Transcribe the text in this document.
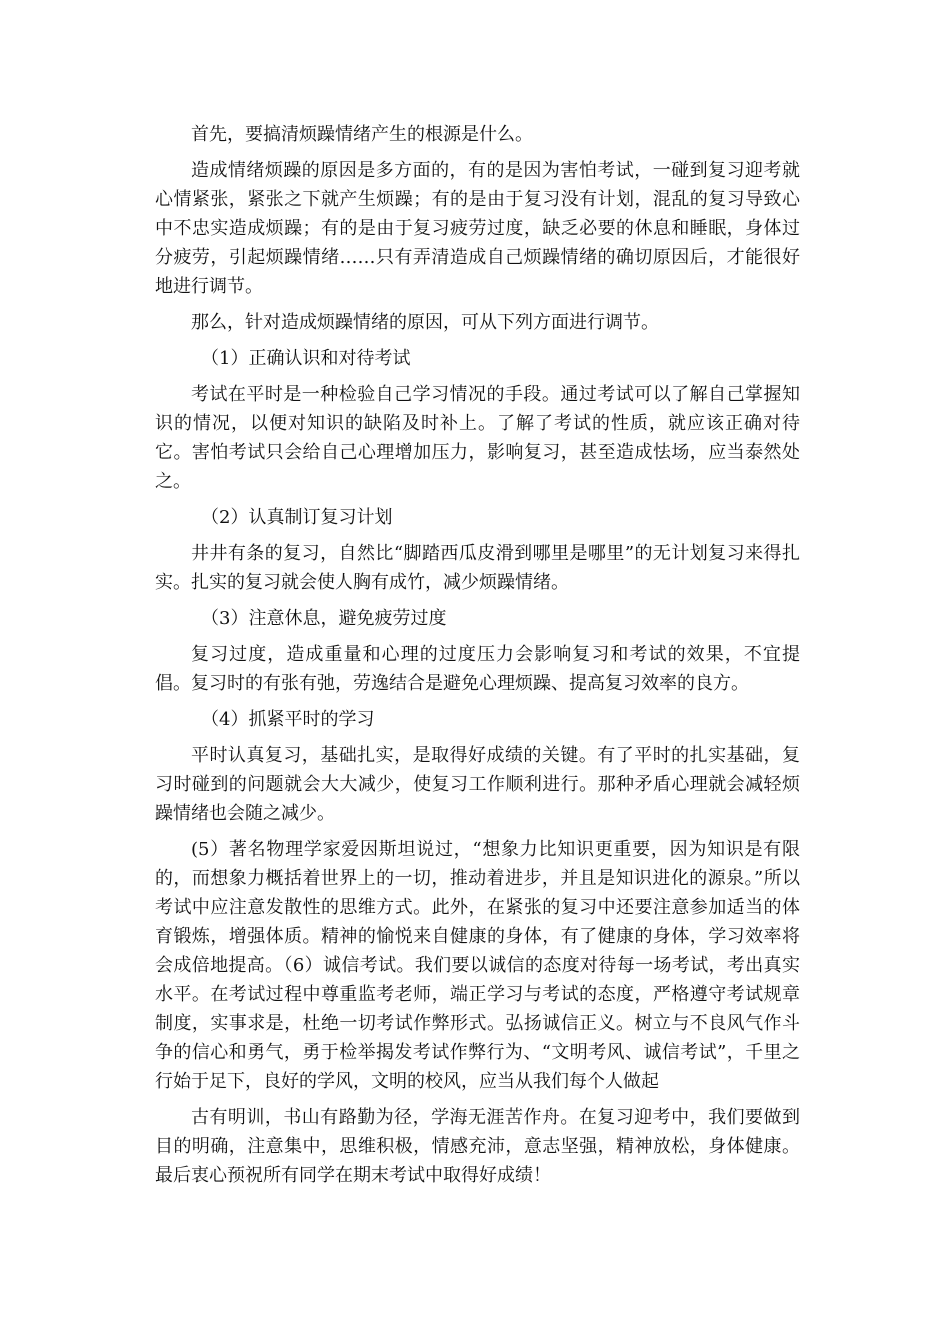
首先，要搞清烦躁情绪产生的根源是什么。

造成情绪烦躁的原因是多方面的，有的是因为害怕考试，一碰到复习迎考就心情紧张，紧张之下就产生烦躁；有的是由于复习没有计划，混乱的复习导致心中不忠实造成烦躁；有的是由于复习疲劳过度，缺乏必要的休息和睡眠，身体过分疲劳，引起烦躁情绪……只有弄清造成自己烦躁情绪的确切原因后，才能很好地进行调节。

那么，针对造成烦躁情绪的原因，可从下列方面进行调节。

（1）正确认识和对待考试

考试在平时是一种检验自己学习情况的手段。通过考试可以了解自己掌握知识的情况，以便对知识的缺陷及时补上。了解了考试的性质，就应该正确对待它。害怕考试只会给自己心理增加压力，影响复习，甚至造成怯场，应当泰然处之。

（2）认真制订复习计划

井井有条的复习，自然比“脚踏西瓜皮滑到哪里是哪里”的无计划复习来得扎实。扎实的复习就会使人胸有成竹，减少烦躁情绪。

（3）注意休息，避免疲劳过度

复习过度，造成重量和心理的过度压力会影响复习和考试的效果，不宜提倡。复习时的有张有弛，劳逸结合是避免心理烦躁、提高复习效率的良方。

（4）抓紧平时的学习

平时认真复习，基础扎实，是取得好成绩的关键。有了平时的扎实基础，复习时碰到的问题就会大大减少，使复习工作顺利进行。那种矛盾心理就会减轻烦躁情绪也会随之减少。

(5）著名物理学家爱因斯坦说过，“想象力比知识更重要，因为知识是有限的，而想象力概括着世界上的一切，推动着进步，并且是知识进化的源泉。”所以考试中应注意发散性的思维方式。此外，在紧张的复习中还要注意参加适当的体育锻炼，增强体质。精神的愉悦来自健康的身体，有了健康的身体，学习效率将会成倍地提高。（6）诚信考试。我们要以诚信的态度对待每一场考试，考出真实水平。在考试过程中尊重监考老师，端正学习与考试的态度，严格遵守考试规章制度，实事求是，杜绝一切考试作弊形式。弘扬诚信正义。树立与不良风气作斗争的信心和勇气，勇于检举揭发考试作弊行为、“文明考风、诚信考试”，千里之行始于足下，良好的学风，文明的校风，应当从我们每个人做起

古有明训，书山有路勤为径，学海无涯苦作舟。在复习迎考中，我们要做到目的明确，注意集中，思维积极，情感充沛，意志坚强，精神放松，身体健康。最后衷心预祝所有同学在期末考试中取得好成绩！
